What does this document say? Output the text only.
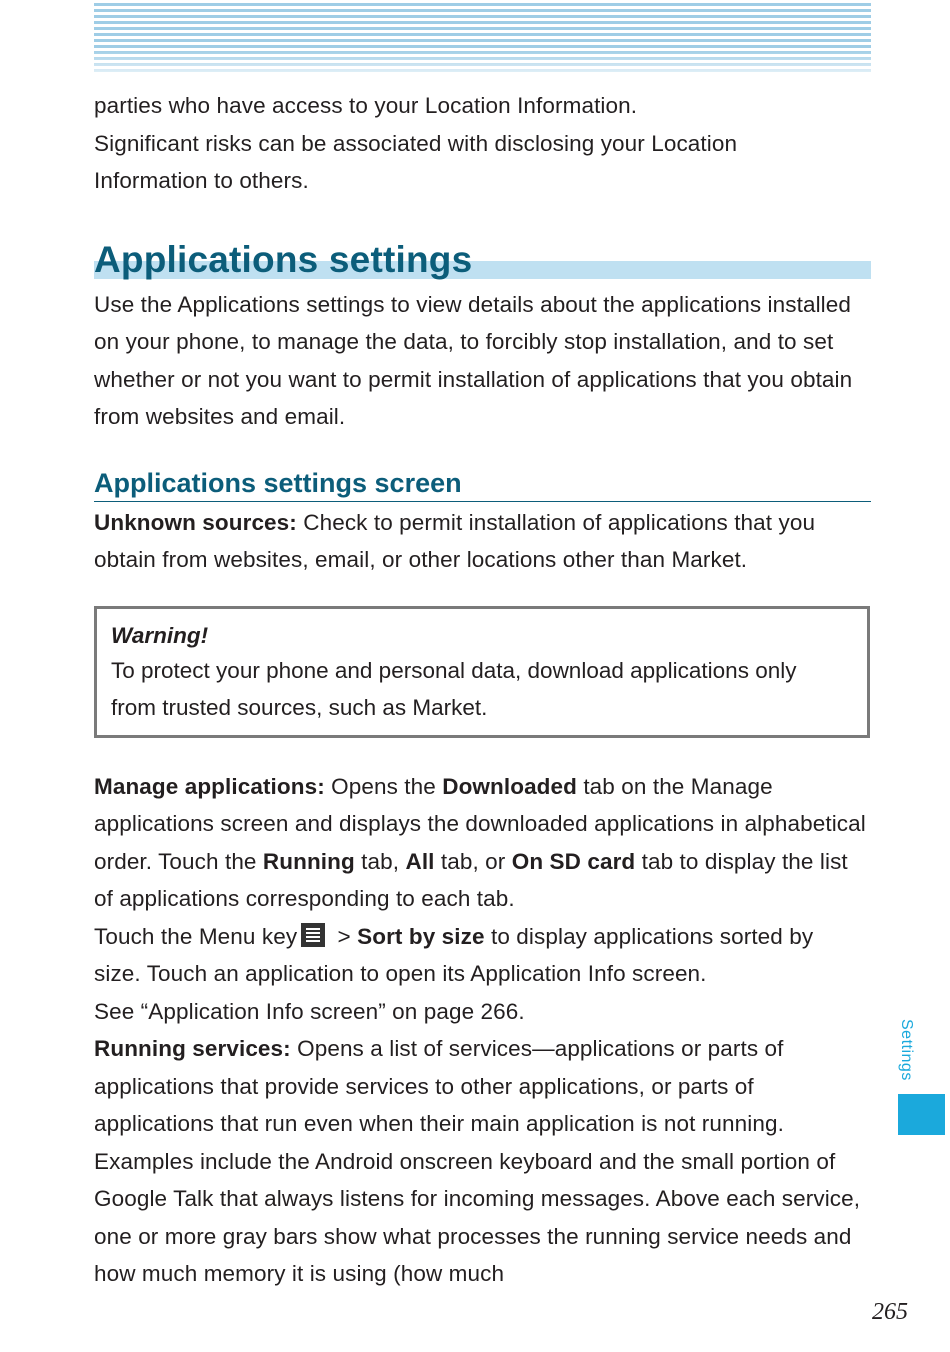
parties who have access to your Location Information.
Significant risks can be associated with disclosing your Location
Information to others.

Applications settings

Use the Applications settings to view details about the applications installed on your phone, to manage the data, to forcibly stop installation, and to set whether or not you want to permit installation of applications that you obtain from websites and email.

Applications settings screen

Unknown sources: Check to permit installation of applications that you obtain from websites, email, or other locations other than Market.

Warning!

To protect your phone and personal data, download applications only from trusted sources, such as Market.

Manage applications: Opens the Downloaded tab on the Manage applications screen and displays the downloaded applications in alphabetical order. Touch the Running tab, All tab, or On SD card tab to display the list of applications corresponding to each tab.
Touch the Menu key
> Sort by size to display applications sorted by size. Touch an application to open its Application Info screen.
See “Application Info screen” on page 266.

Running services: Opens a list of services—applications or parts of applications that provide services to other applications, or parts of applications that run even when their main application is not running. Examples include the Android onscreen keyboard and the small portion of Google Talk that always listens for incoming messages. Above each service, one or more gray bars show what processes the running service needs and how much memory it is using (how much

Settings
265
